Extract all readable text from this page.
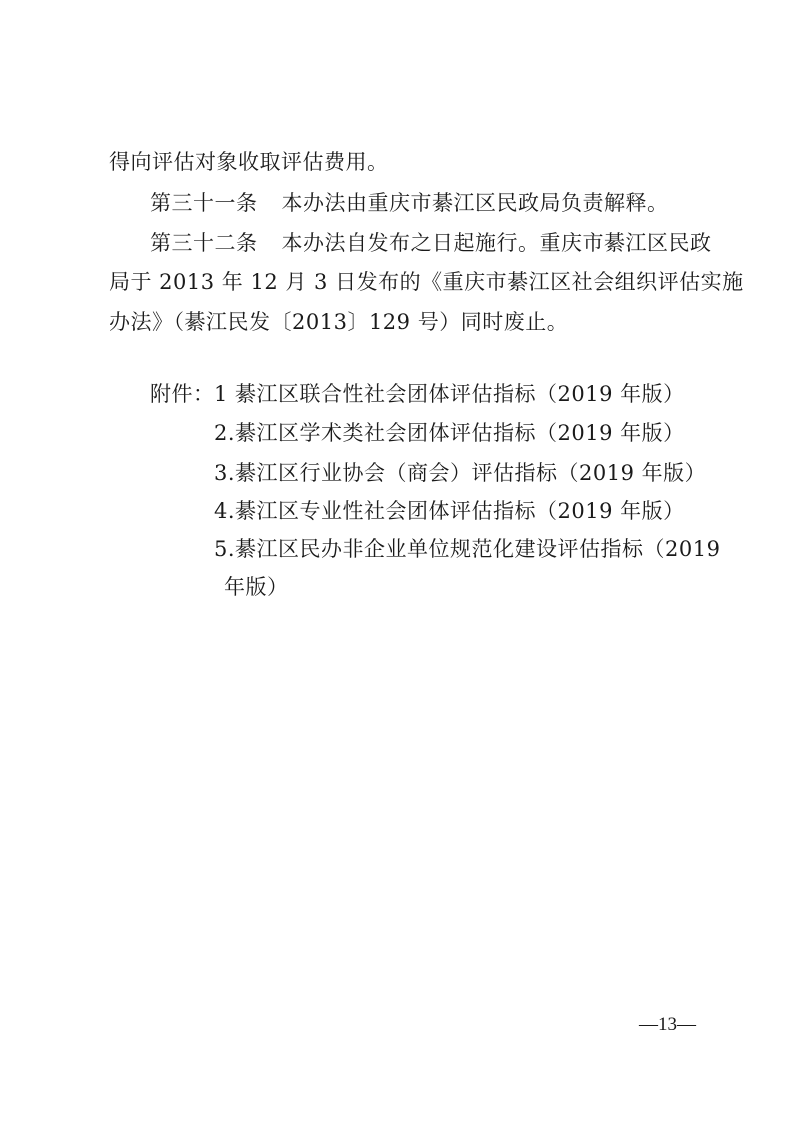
得向评估对象收取评估费用。
第三十一条 本办法由重庆市綦江区民政局负责解释。
第三十二条 本办法自发布之日起施行。重庆市綦江区民政
局于 2013 年 12 月 3 日发布的《重庆市綦江区社会组织评估实施
办法》（綦江民发〔2013〕129 号）同时废止。
附件： 1 綦江区联合性社会团体评估指标（2019 年版）
2.綦江区学术类社会团体评估指标（2019 年版）
3.綦江区行业协会（商会）评估指标（2019 年版）
4.綦江区专业性社会团体评估指标（2019 年版）
5.綦江区民办非企业单位规范化建设评估指标（2019
年版）
—13—
